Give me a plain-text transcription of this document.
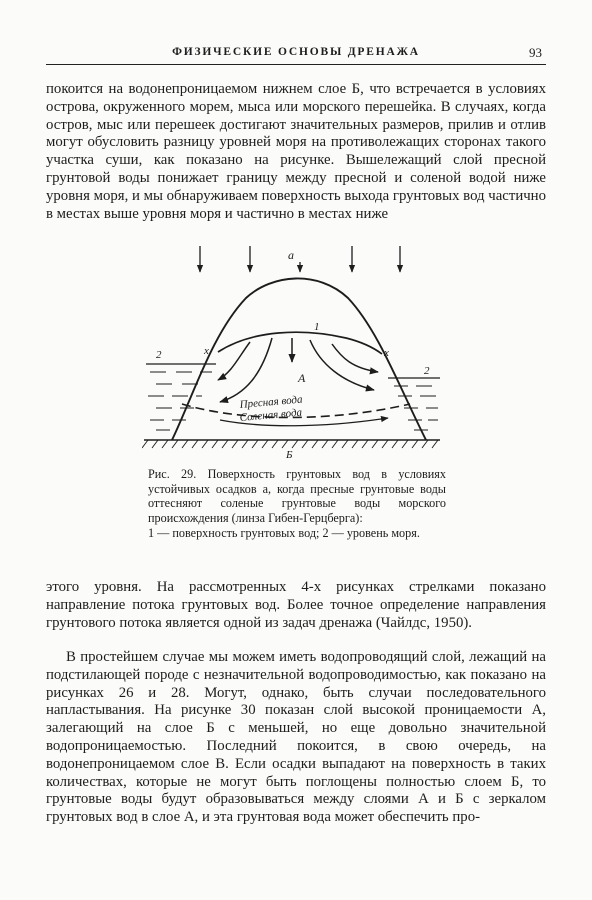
ФИЗИЧЕСКИЕ ОСНОВЫ ДРЕНАЖА	93

покоится на водонепроницаемом нижнем слое Б, что встречается в условиях острова, окруженного морем, мыса или морского перешейка. В случаях, когда остров, мыс или перешеек достигают значительных размеров, прилив и отлив могут обусловить разницу уровней моря на противолежащих сторонах такого участка суши, как показано на рисунке. Вышележащий слой пресной грунтовой воды понижает границу между пресной и соленой водой ниже уровня моря, и мы обнаруживаем поверхность выхода грунтовых вод частично в местах выше уровня моря и частично в местах ниже

а
Б
2
2
x	x
1
А
Пресная вода
Соленая вода

Рис. 29. Поверхность грунтовых вод в условиях устойчивых осадков а, когда пресные грунтовые воды оттесняют соленые грунтовые воды морского происхождения (линза Гибен-Герцберга):

1 — поверхность грунтовых вод; 2 — уровень моря.

этого уровня. На рассмотренных 4-х рисунках стрелками показано направление потока грунтовых вод. Более точное определение направления грунтового потока является одной из задач дренажа (Чайлдс, 1950).

В простейшем случае мы можем иметь водопроводящий слой, лежащий на подстилающей породе с незначительной водопроводимостью, как показано на рисунках 26 и 28. Могут, однако, быть случаи последовательного напластывания. На рисунке 30 показан слой высокой проницаемости А, залегающий на слое Б с меньшей, но еще довольно значительной водопроницаемостью. Последний покоится, в свою очередь, на водонепроницаемом слое В. Если осадки выпадают на поверхность в таких количествах, которые не могут быть поглощены полностью слоем Б, то грунтовые воды будут образовываться между слоями А и Б с зеркалом грунтовых вод в слое А, и эта грунтовая вода может обеспечить про-
